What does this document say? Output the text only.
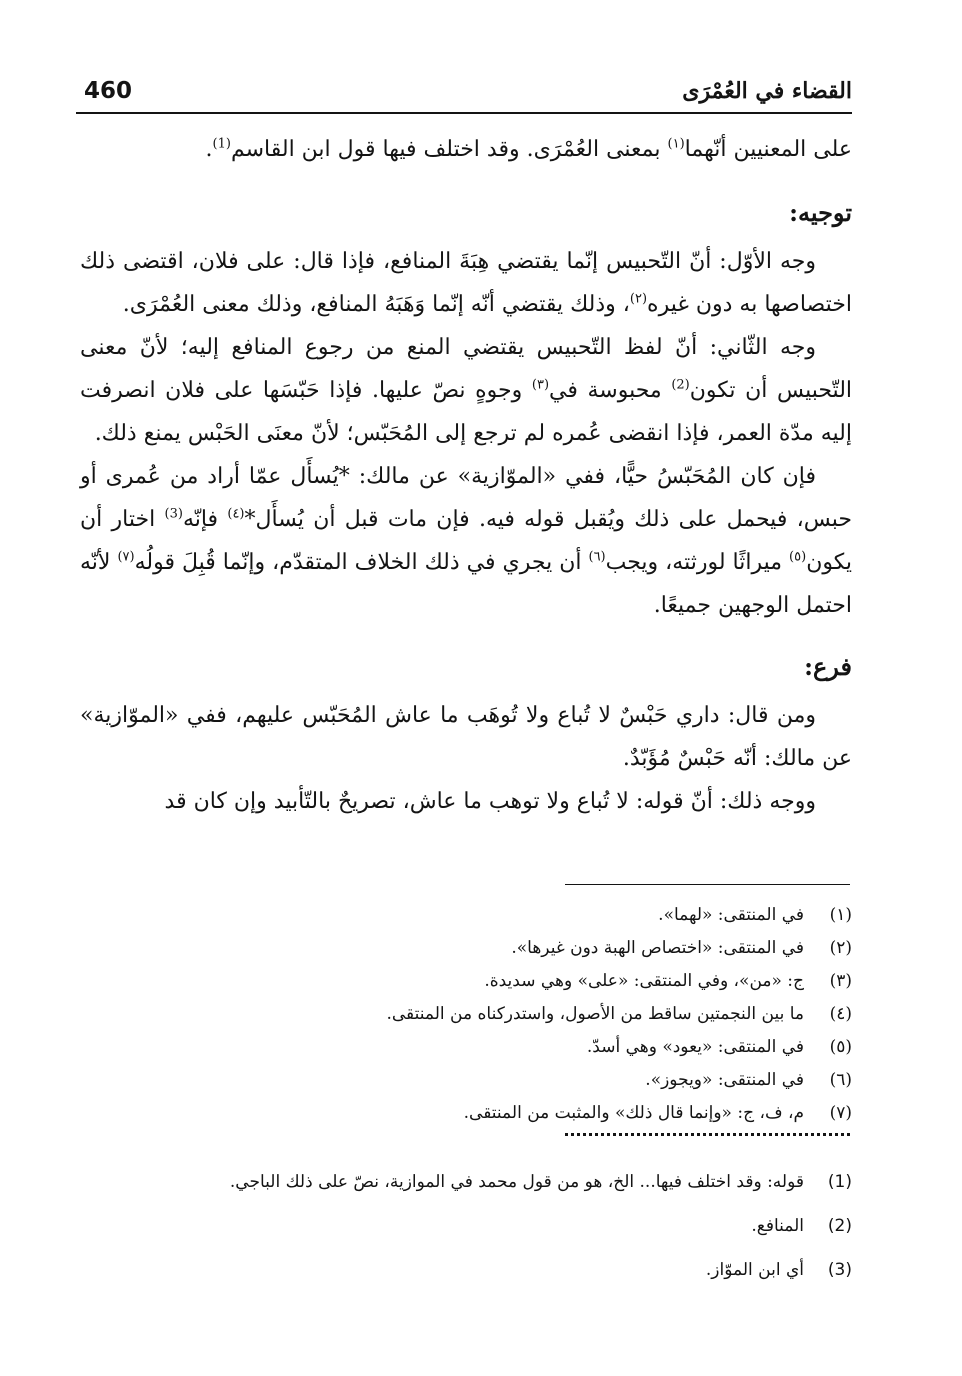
460	القضاء في العُمْرَى

على المعنيين أنّهما$^{(١)}$ بمعنى العُمْرَى. وقد اختلف فيها قول ابن القاسم$^{(1)}$.

توجيه:

وجه الأوّل: أنّ التّحبيس إنّما يقتضي هِبَةَ المنافع، فإذا قال: على فلان، اقتضى ذلك اختصاصها به دون غيره$^{(٢)}$، وذلك يقتضي أنّه إنّما وَهَبَهُ المنافع، وذلك معنى العُمْرَى.

وجه الثّاني: أنّ لفظ التّحبيس يقتضي المنع من رجوع المنافع إليه؛ لأنّ معنى التّحبيس أن تكون$^{(2)}$ محبوسة في$^{(٣)}$ وجوهٍ نصّ عليها. فإذا حَبّسَها على فلان انصرفت إليه مدّة العمر، فإذا انقضى عُمره لم ترجع إلى المُحَبّس؛ لأنّ معنَى الحَبْس يمنع ذلك.

فإن كان المُحَبّسُ حيًّا، ففي «الموّازية» عن مالك: *يُسأَل عمّا أراد من عُمرى أو حبس، فيحمل على ذلك ويُقبل قوله فيه. فإن مات قبل أن يُسأَل*$^{(٤)}$ فإنّه$^{(3)}$ اختار أن يكون$^{(٥)}$ ميراثًا لورثته، ويجب$^{(٦)}$ أن يجري في ذلك الخلاف المتقدّم، وإنّما قُبِلَ قولُه$^{(٧)}$ لأنّه احتمل الوجهين جميعًا.

فرع:

ومن قال: داري حَبْسٌ لا تُباع ولا تُوهَب ما عاش المُحَبّس عليهم، ففي «الموّازية» عن مالك: أنّه حَبْسٌ مُؤَبّدٌ.

ووجه ذلك: أنّ قوله: لا تُباع ولا توهب ما عاش، تصريحٌ بالتّأبيد وإن كان قد

(١)
في المنتقى: «لهما».
(٢)
في المنتقى: «اختصاص الهبة دون غيرها».
(٣)
ج: «من»، وفي المنتقى: «على» وهي سديدة.
(٤)
ما بين النجمتين ساقط من الأصول، واستدركناه من المنتقى.
(٥)
في المنتقى: «يعود» وهي أسدّ.
(٦)
في المنتقى: «ويجوز».
(٧)
م، ف، ج: «وإنما قال ذلك» والمثبت من المنتقى.
(1)
قوله: وقد اختلف فيها... الخ، هو من قول محمد في الموازية، نصّ على ذلك الباجي.
(2)
المنافع.
(3)
أي ابن الموّاز.
